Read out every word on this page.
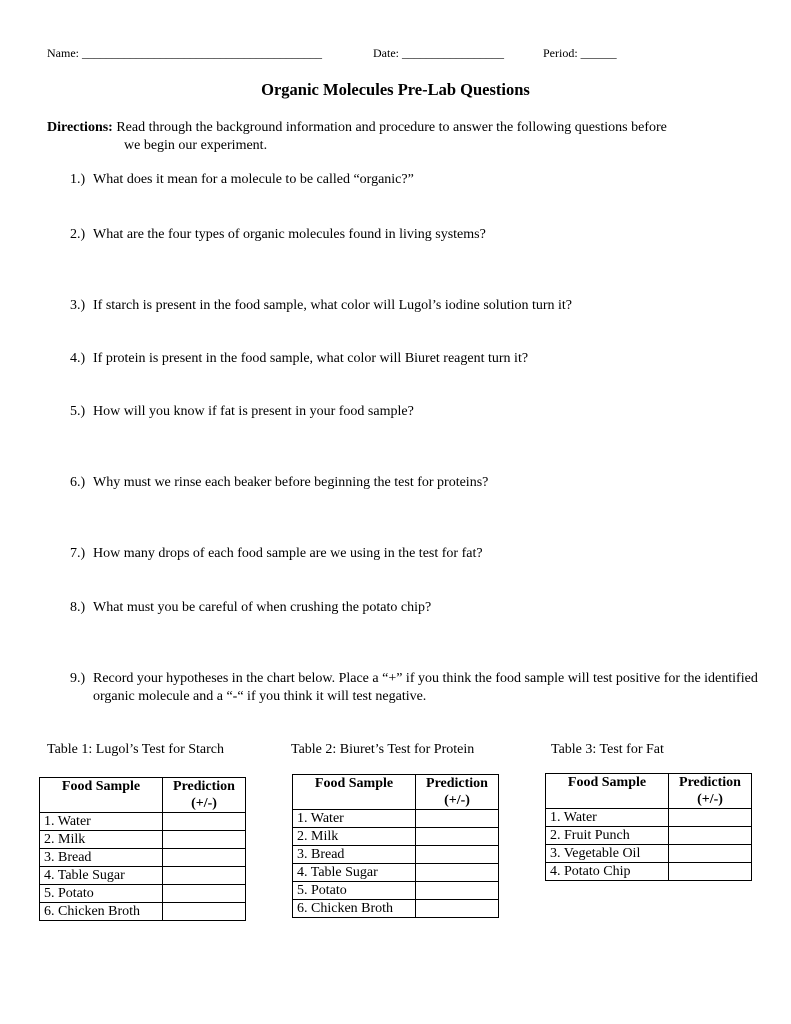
Name: ________________________________________	Date: _________________	Period: ______
Organic Molecules Pre-Lab Questions
Directions: Read through the background information and procedure to answer the following questions before
we begin our experiment.
1.) What does it mean for a molecule to be called “organic?”
2.) What are the four types of organic molecules found in living systems?
3.) If starch is present in the food sample, what color will Lugol’s iodine solution turn it?
4.) If protein is present in the food sample, what color will Biuret reagent turn it?
5.) How will you know if fat is present in your food sample?
6.) Why must we rinse each beaker before beginning the test for proteins?
7.) How many drops of each food sample are we using in the test for fat?
8.) What must you be careful of when crushing the potato chip?
9.) Record your hypotheses in the chart below. Place a “+” if you think the food sample will test positive for the identified organic molecule and a “-“ if you think it will test negative.
Table 1: Lugol’s Test for Starch
Food Sample	Prediction
(+/-)
1. Water	
2. Milk	
3. Bread	
4. Table Sugar	
5. Potato	
6. Chicken Broth	
Table 2: Biuret’s Test for Protein
Food Sample	Prediction
(+/-)
1. Water	
2. Milk	
3. Bread	
4. Table Sugar	
5. Potato	
6. Chicken Broth	
Table 3: Test for Fat
Food Sample	Prediction
(+/-)
1. Water	
2. Fruit Punch	
3. Vegetable Oil	
4. Potato Chip	
